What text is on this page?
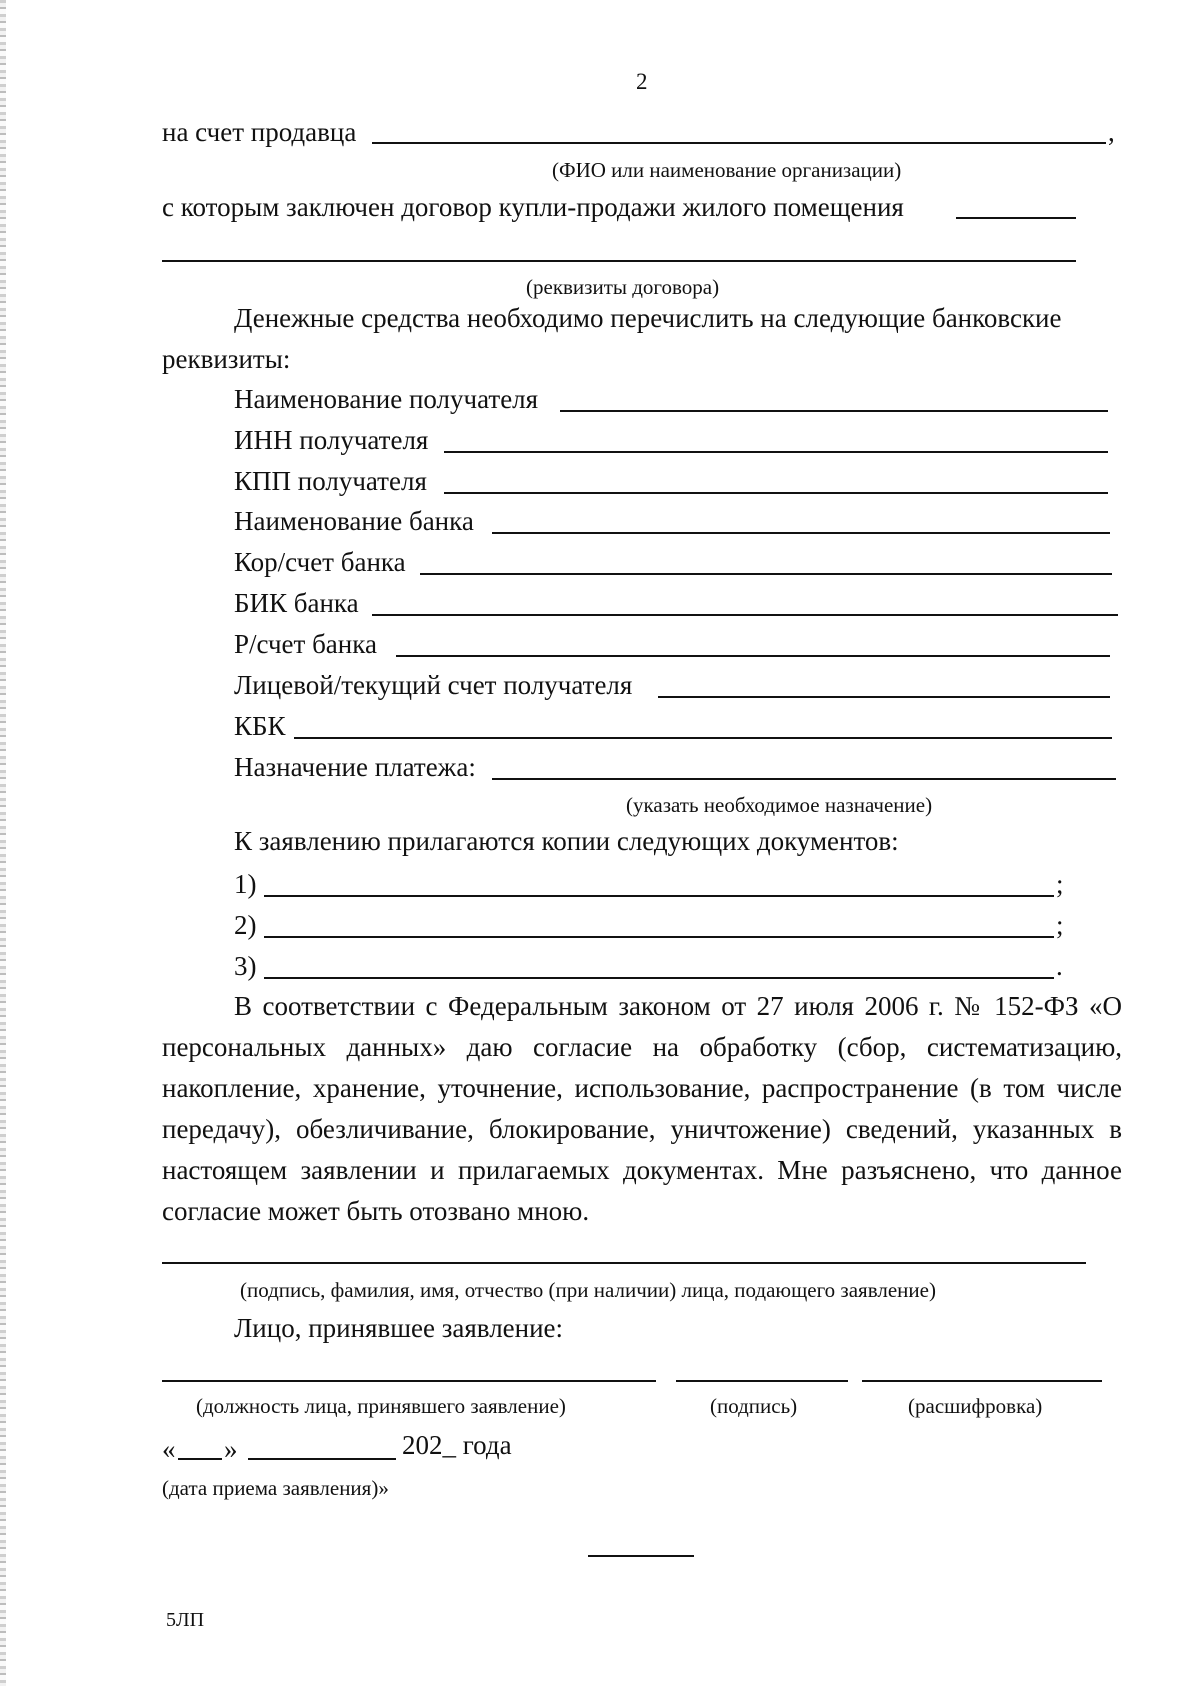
2
на счет продавца	,
(ФИО или наименование организации)
с которым заключен договор купли-продажи жилого помещения
(реквизиты договора)
Денежные средства необходимо перечислить на следующие банковские
реквизиты:
Наименование получателя
ИНН получателя
КПП получателя
Наименование банка
Кор/счет банка
БИК банка
Р/счет банка
Лицевой/текущий счет получателя
КБК
Назначение платежа:
(указать необходимое назначение)
К заявлению прилагаются копии следующих документов:
1)	;
2)	;
3)	.

В соответствии с Федеральным законом от 27 июля 2006 г. № 152-ФЗ «О персональных данных» даю согласие на обработку (сбор, систематизацию, накопление, хранение, уточнение, использование, распространение (в том числе передачу), обезличивание, блокирование, уничтожение) сведений, указанных в настоящем заявлении и прилагаемых документах. Мне разъяснено, что данное согласие может быть отозвано мною.

(подпись, фамилия, имя, отчество (при наличии) лица, подающего заявление)
Лицо, принявшее заявление:
(должность лица, принявшего заявление)	(подпись)	(расшифровка)
« »	202_ года
(дата приема заявления)»
5ЛП
